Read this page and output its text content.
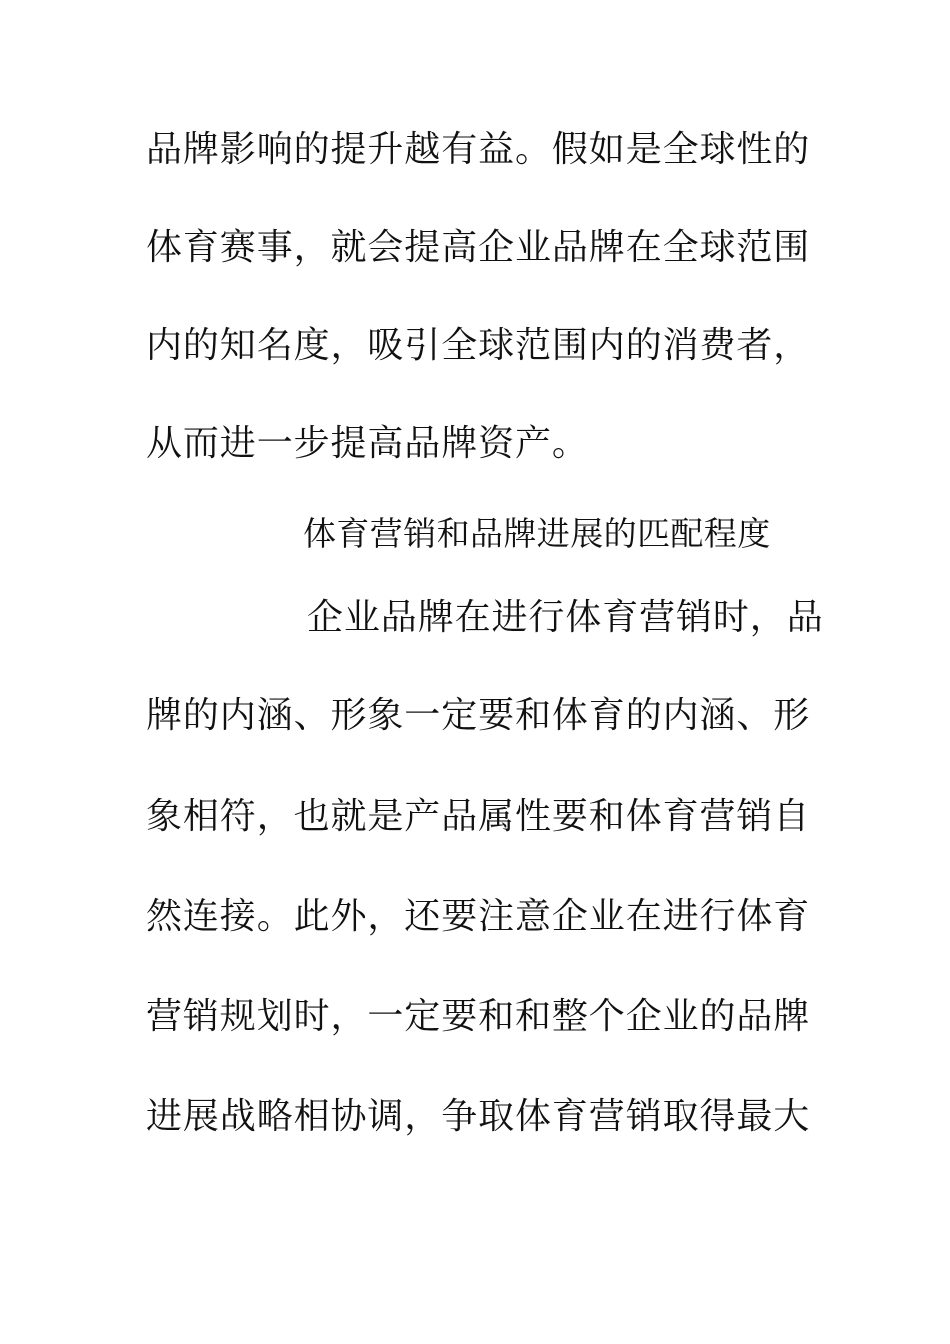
品牌影响的提升越有益。假如是全球性的
体育赛事，就会提高企业品牌在全球范围
内的知名度，吸引全球范围内的消费者，
从而进一步提高品牌资产。
体育营销和品牌进展的匹配程度
企业品牌在进行体育营销时，品
牌的内涵、形象一定要和体育的内涵、形
象相符，也就是产品属性要和体育营销自
然连接。此外，还要注意企业在进行体育
营销规划时，一定要和和整个企业的品牌
进展战略相协调，争取体育营销取得最大
